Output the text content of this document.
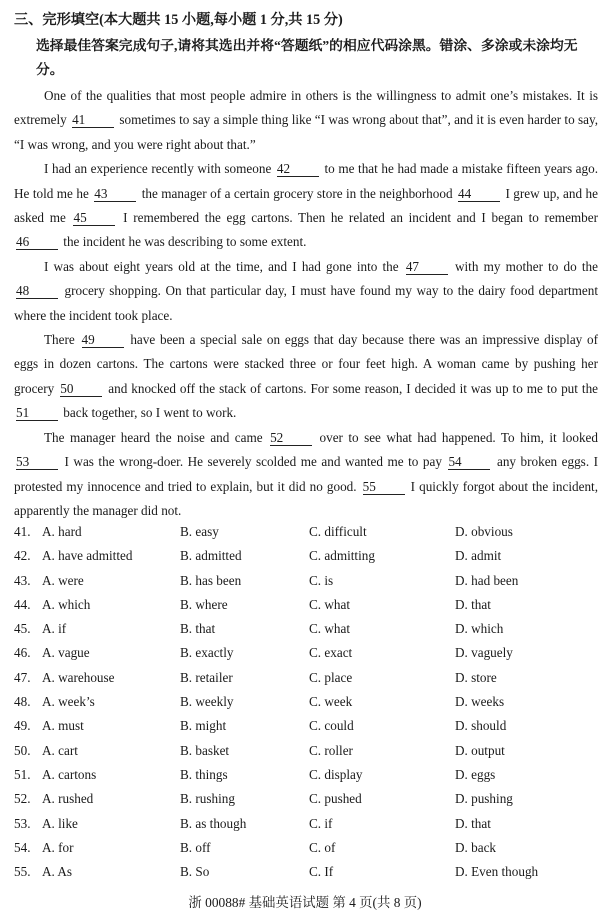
三、完形填空(本大题共 15 小题,每小题 1 分,共 15 分)
选择最佳答案完成句子,请将其选出并将“答题纸”的相应代码涂黑。错涂、多涂或未涂均无分。

One of the qualities that most people admire in others is the willingness to admit one’s mistakes. It is extremely 41	sometimes to say a simple thing like “I was wrong about that”, and it is even harder to say, “I was wrong, and you were right about that.”

I had an experience recently with someone 42	to me that he had made a mistake fifteen years ago. He told me he 43	the manager of a certain grocery store in the neighborhood 44	I grew up, and he asked me 45	I remembered the egg cartons. Then he related an incident and I began to remember 46	the incident he was describing to some extent.

I was about eight years old at the time, and I had gone into the 47	with my mother to do the 48	grocery shopping. On that particular day, I must have found my way to the dairy food department where the incident took place.

There 49	have been a special sale on eggs that day because there was an impressive display of eggs in dozen cartons. The cartons were stacked three or four feet high. A woman came by pushing her grocery 50	and knocked off the stack of cartons. For some reason, I decided it was up to me to put the 51	back together, so I went to work.

The manager heard the noise and came 52	over to see what had happened. To him, it looked 53	I was the wrong-doer. He severely scolded me and wanted me to pay 54	any broken eggs. I protested my innocence and tried to explain, but it did no good. 55	I quickly forgot about the incident, apparently the manager did not.

41. A. hard	B. easy	C. difficult	D. obvious
42. A. have admitted	B. admitted	C. admitting	D. admit
43. A. were	B. has been	C. is	D. had been
44. A. which	B. where	C. what	D. that
45. A. if	B. that	C. what	D. which
46. A. vague	B. exactly	C. exact	D. vaguely
47. A. warehouse	B. retailer	C. place	D. store
48. A. week’s	B. weekly	C. week	D. weeks
49. A. must	B. might	C. could	D. should
50. A. cart	B. basket	C. roller	D. output
51. A. cartons	B. things	C. display	D. eggs
52. A. rushed	B. rushing	C. pushed	D. pushing
53. A. like	B. as though	C. if	D. that
54. A. for	B. off	C. of	D. back
55. A. As	B. So	C. If	D. Even though
浙 00088# 基础英语试题 第 4 页(共 8 页)
